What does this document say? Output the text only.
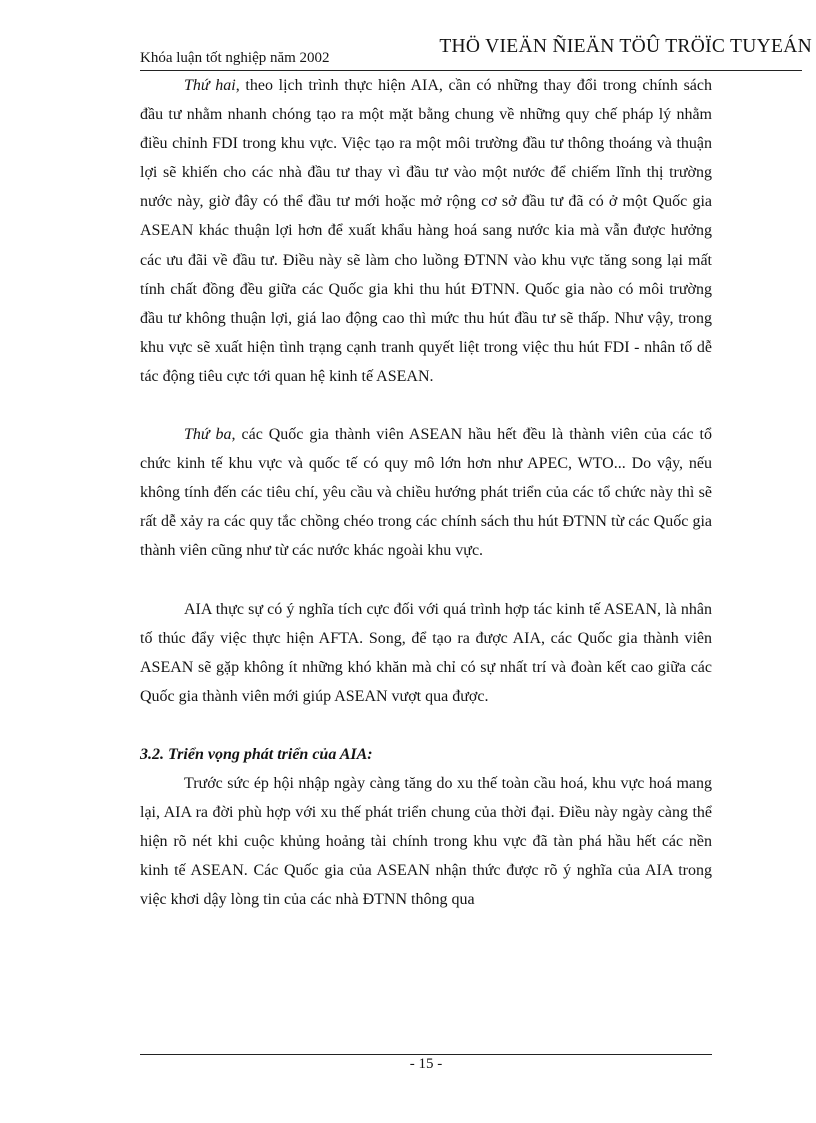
Khóa luận tốt nghiệp năm 2002
THÖ VIEÄN ÑIEÄN TÖÛ TRÖÏC TUYEÁN

Thứ hai, theo lịch trình thực hiện AIA, cần có những thay đổi trong chính sách đầu tư nhằm nhanh chóng tạo ra một mặt bằng chung về những quy chế pháp lý nhằm điều chỉnh FDI trong khu vực. Việc tạo ra một môi trường đầu tư thông thoáng và thuận lợi sẽ khiến cho các nhà đầu tư thay vì đầu tư vào một nước để chiếm lĩnh thị trường nước này, giờ đây có thể đầu tư mới hoặc mở rộng cơ sở đầu tư đã có ở một Quốc gia ASEAN khác thuận lợi hơn để xuất khẩu hàng hoá sang nước kia mà vẫn được hưởng các ưu đãi về đầu tư. Điều này sẽ làm cho luồng ĐTNN vào khu vực tăng song lại mất tính chất đồng đều giữa các Quốc gia khi thu hút ĐTNN. Quốc gia nào có môi trường đầu tư không thuận lợi, giá lao động cao thì mức thu hút đầu tư sẽ thấp. Như vậy, trong khu vực sẽ xuất hiện tình trạng cạnh tranh quyết liệt trong việc thu hút FDI - nhân tố dễ tác động tiêu cực tới quan hệ kinh tế ASEAN.

Thứ ba, các Quốc gia thành viên ASEAN hầu hết đều là thành viên của các tổ chức kinh tế khu vực và quốc tế có quy mô lớn hơn như APEC, WTO... Do vậy, nếu không tính đến các tiêu chí, yêu cầu và chiều hướng phát triển của các tổ chức này thì sẽ rất dễ xảy ra các quy tắc chồng chéo trong các chính sách thu hút ĐTNN từ các Quốc gia thành viên cũng như từ các nước khác ngoài khu vực.

AIA thực sự có ý nghĩa tích cực đối với quá trình hợp tác kinh tế ASEAN, là nhân tố thúc đẩy việc thực hiện AFTA. Song, để tạo ra được AIA, các Quốc gia thành viên ASEAN sẽ gặp không ít những khó khăn mà chỉ có sự nhất trí và đoàn kết cao giữa các Quốc gia thành viên mới giúp ASEAN vượt qua được.

3.2. Triển vọng phát triển của AIA:

Trước sức ép hội nhập ngày càng tăng do xu thế toàn cầu hoá, khu vực hoá mang lại, AIA ra đời phù hợp với xu thế phát triển chung của thời đại. Điều này ngày càng thể hiện rõ nét khi cuộc khủng hoảng tài chính trong khu vực đã tàn phá hầu hết các nền kinh tế ASEAN. Các Quốc gia của ASEAN nhận thức được rõ ý nghĩa của AIA trong việc khơi dậy lòng tin của các nhà ĐTNN thông qua

- 15 -
